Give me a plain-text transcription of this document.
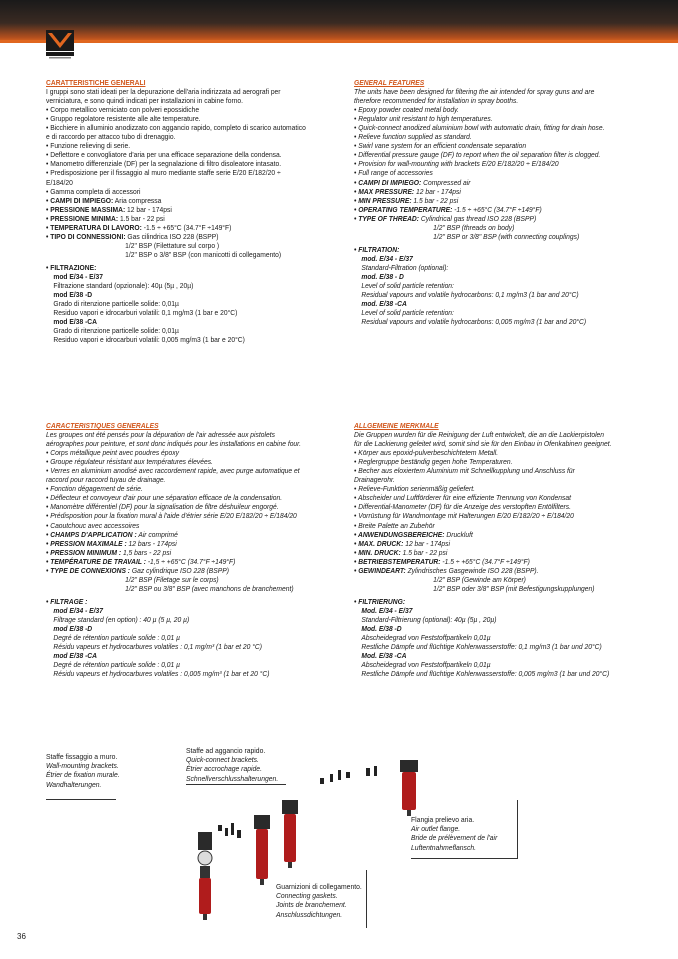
CARATTERISTICHE GENERALI
I gruppi sono stati ideati per la depurazione dell'aria indirizzata ad aerografi per
verniciatura, e sono quindi indicati per installazioni in cabine forno.
• Corpo metallico verniciato con polveri epossidiche
• Gruppo regolatore resistente alle alte temperature.
• Bicchiere in alluminio anodizzato con aggancio rapido, completo di scarico automatico
e di raccordo per attacco tubo di drenaggio.
• Funzione relieving di serie.
• Deflettore e convogliatore d'aria per una efficace separazione della condensa.
• Manometro differenziale (DF) per la segnalazione di filtro disoleatore intasato.
• Predisposizione per il fissaggio al muro mediante staffe serie E/20 E/182/20 ÷
E/184/20
• Gamma completa di accessori
• CAMPI DI IMPIEGO: Aria compressa
• PRESSIONE MASSIMA: 12 bar - 174psi
• PRESSIONE MINIMA: 1.5 bar - 22 psi
• TEMPERATURA DI LAVORO: -1.5 ÷ +65°C (34.7°F ÷149°F)
• TIPO DI CONNESSIONI: Gas cilindrica ISO 228 (BSPP)
1/2" BSP (Filettature sul corpo )
1/2" BSP o 3/8" BSP (con manicotti di collegamento)
• FILTRAZIONE:
mod E/34 - E/37
Filtrazione standard (opzionale): 40µ (5µ , 20µ)
mod E/38 -D
Grado di ritenzione particelle solide: 0,01µ
Residuo vapori e idrocarburi volatili: 0,1 mg/m3 (1 bar e 20°C)
mod E/38 -CA
Grado di ritenzione particelle solide: 0,01µ
Residuo vapori e idrocarburi volatili: 0,005 mg/m3 (1 bar e 20°C)
GENERAL FEATURES
The units have been designed for filtering the air intended for spray guns and are
therefore recommended for installation in spray booths.
• Epoxy powder coated metal body.
• Regulator unit resistant to high temperatures.
• Quick-connect anodized aluminium bowl with automatic drain, fitting for drain hose.
• Relieve function supplied as standard.
• Swirl vane system for an efficient condensate separation
• Differential pressure gauge (DF) to report when the oil separation filter is clogged.
• Provision for wall-mounting with brackets E/20 E/182/20 ÷ E/184/20
• Full range of accessories
• CAMPI DI IMPIEGO: Compressed air
• MAX PRESSURE: 12 bar - 174psi
• MIN PRESSURE: 1.5 bar - 22 psi
• OPERATING TEMPERATURE: -1.5 ÷ +65°C (34.7°F ÷149°F)
• TYPE OF THREAD: Cylindrical gas thread ISO 228 (BSPP)
1/2" BSP (threads on body)
1/2" BSP or 3/8" BSP (with connecting couplings)
• FILTRATION:
mod. E/34 - E/37
Standard-Filtration (optional):
mod. E/38 - D
Level of solid particle retention:
Residual vapours and volatile hydrocarbons: 0,1 mg/m3 (1 bar and 20°C)
mod. E/38 -CA
Level of solid particle retention:
Residual vapours and volatile hydrocarbons: 0,005 mg/m3 (1 bar and 20°C)
CARACTERISTIQUES GENERALES
Les groupes ont été pensés pour la dépuration de l'air adressée aux pistolets
aérographes pour peinture, et sont donc indiqués pour les installations en cabine four.
• Corps métallique peint avec poudres époxy
• Groupe régulateur résistant aux températures élevées.
• Verres en aluminium anodisé avec raccordement rapide, avec purge automatique et
raccord pour raccord tuyau de drainage.
• Fonction dégagement de série.
• Déflecteur et convoyeur d'air pour une séparation efficace de la condensation.
• Manomètre différentiel (DF) pour la signalisation de filtre déshuileur engorgé.
• Prédisposition pour la fixation mural à l'aide d'étrier série E/20 E/182/20 ÷ E/184/20
• Caoutchouc avec accessoires
• CHAMPS D'APPLICATION : Air comprimé
• PRESSION MAXIMALE : 12 bars - 174psi
• PRESSION MINIMUM : 1,5 bars - 22 psi
• TEMPÉRATURE DE TRAVAIL : -1,5 ÷ +65°C (34.7°F ÷149°F)
• TYPE DE CONNEXIONS : Gaz cylindrique ISO 228 (BSPP)
1/2" BSP (Filetage sur le corps)
1/2" BSP ou 3/8" BSP (avec manchons de branchement)
• FILTRAGE :
mod E/34 - E/37
Filtrage standard (en option) : 40 µ (5 µ, 20 µ)
mod E/38 -D
Degré de rétention particule solide : 0,01 µ
Résidu vapeurs et hydrocarbures volatiles : 0,1 mg/m³ (1 bar et 20 °C)
mod E/38 -CA
Degré de rétention particule solide : 0,01 µ
Résidu vapeurs et hydrocarbures volatiles : 0,005 mg/m³ (1 bar et 20 °C)
ALLGEMEINE MERKMALE
Die Gruppen wurden für die Reinigung der Luft entwickelt, die an die Lackierpistolen
für die Lackierung geleitet wird, somit sind sie für den Einbau in Ofenkabinen geeignet.
• Körper aus epoxid-pulverbeschichtetem Metall.
• Reglergruppe beständig gegen hohe Temperaturen.
• Becher aus eloxiertem Aluminium mit Schnellkupplung und Anschluss für
Drainagerohr.
• Relieve-Funktion serienmäßig geliefert.
• Abscheider und Luftförderer für eine effiziente Trennung von Kondensat
• Differential-Manometer (DF) für die Anzeige des verstopften Entölfilters.
• Vorrüstung für Wandmontage mit Halterungen E/20 E/182/20 ÷ E/184/20
• Breite Palette an Zubehör
• ANWENDUNGSBEREICHE: Druckluft
• MAX. DRUCK: 12 bar - 174psi
• MIN. DRUCK: 1.5 bar - 22 psi
• BETRIEBSTEMPERATUR: -1.5 ÷ +65°C (34.7°F ÷149°F)
• GEWINDEART: Zylindrisches Gasgewinde ISO 228 (BSPP).
1/2" BSP (Gewinde am Körper)
1/2" BSP oder 3/8" BSP (mit Befestigungskupplungen)
• FILTRIERUNG:
Mod. E/34 - E/37
Standard-Filtrierung (optional): 40µ (5µ , 20µ)
Mod. E/38 -D
Abscheidegrad von Feststoffpartikeln 0,01µ
Restliche Dämpfe und flüchtige Kohlenwasserstoffe: 0,1 mg/m3 (1 bar und 20°C)
Mod. E/38 -CA
Abscheidegrad von Feststoffpartikeln 0,01µ
Restliche Dämpfe und flüchtige Kohlenwasserstoffe: 0,005 mg/m3 (1 bar und 20°C)
Staffe fissaggio a muro.
Wall-mounting brackets.
Étrier de fixation murale.
Wandhalterungen.
Staffe ad aggancio rapido.
Quick-connect brackets.
Étrier accrochage rapide.
Schnellverschlusshalterungen.
Flangia prelievo aria.
Air outlet flange.
Bride de prélèvement de l'air
Luftentnahmeflansch.
Guarnizioni di collegamento.
Connecting gaskets.
Joints de branchement.
Anschlussdichtungen.
36
